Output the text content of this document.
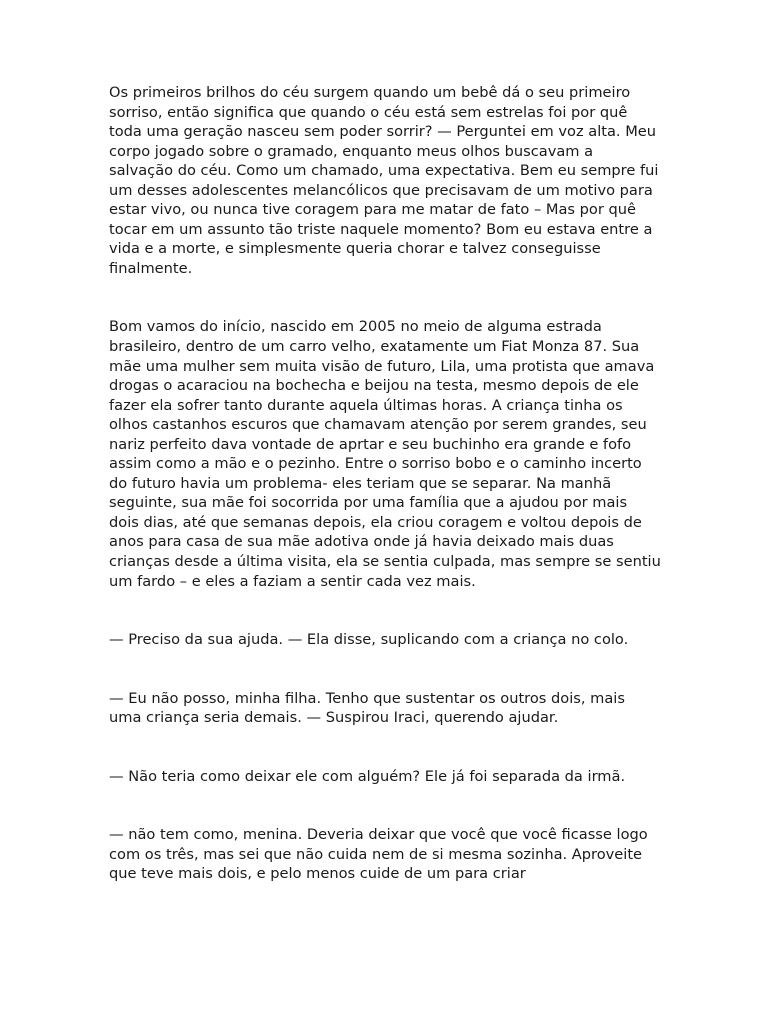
Os primeiros brilhos do céu surgem quando um bebê dá o seu primeiro sorriso, então significa que quando o céu está sem estrelas foi por quê toda uma geração nasceu sem poder sorrir? — Perguntei em voz alta. Meu corpo jogado sobre o gramado, enquanto meus olhos buscavam a salvação do céu. Como um chamado, uma expectativa. Bem eu sempre fui um desses adolescentes melancólicos que precisavam de um motivo para estar vivo, ou nunca tive coragem para me matar de fato – Mas por quê tocar em um assunto tão triste naquele momento? Bom eu estava entre a vida e a morte, e simplesmente queria chorar e talvez conseguisse finalmente.

Bom vamos do início, nascido em 2005 no meio de alguma estrada brasileiro, dentro de um carro velho, exatamente um Fiat Monza 87. Sua mãe uma mulher sem muita visão de futuro, Lila, uma protista que amava drogas o acaraciou na bochecha e beijou na testa, mesmo depois de ele fazer ela sofrer tanto durante aquela últimas horas. A criança tinha os olhos castanhos escuros que chamavam atenção por serem grandes, seu nariz perfeito dava vontade de aprtar e seu buchinho era grande e fofo assim como a mão e o pezinho. Entre o sorriso bobo e o caminho incerto do futuro havia um problema- eles teriam que se separar. Na manhã seguinte, sua mãe foi socorrida por uma família que a ajudou por mais dois dias, até que semanas depois, ela criou coragem e voltou depois de anos para casa de sua mãe adotiva onde já havia deixado mais duas crianças desde a última visita, ela se sentia culpada, mas sempre se sentiu um fardo – e eles a faziam a sentir cada vez mais.

— Preciso da sua ajuda. — Ela disse, suplicando com a criança no colo.

— Eu não posso, minha filha. Tenho que sustentar os outros dois, mais uma criança seria demais. — Suspirou Iraci, querendo ajudar.

— Não teria como deixar ele com alguém? Ele já foi separada da irmã.

— não tem como, menina. Deveria deixar que você que você ficasse logo com os três, mas sei que não cuida nem de si mesma sozinha. Aproveite que teve mais dois, e pelo menos cuide de um para criar
